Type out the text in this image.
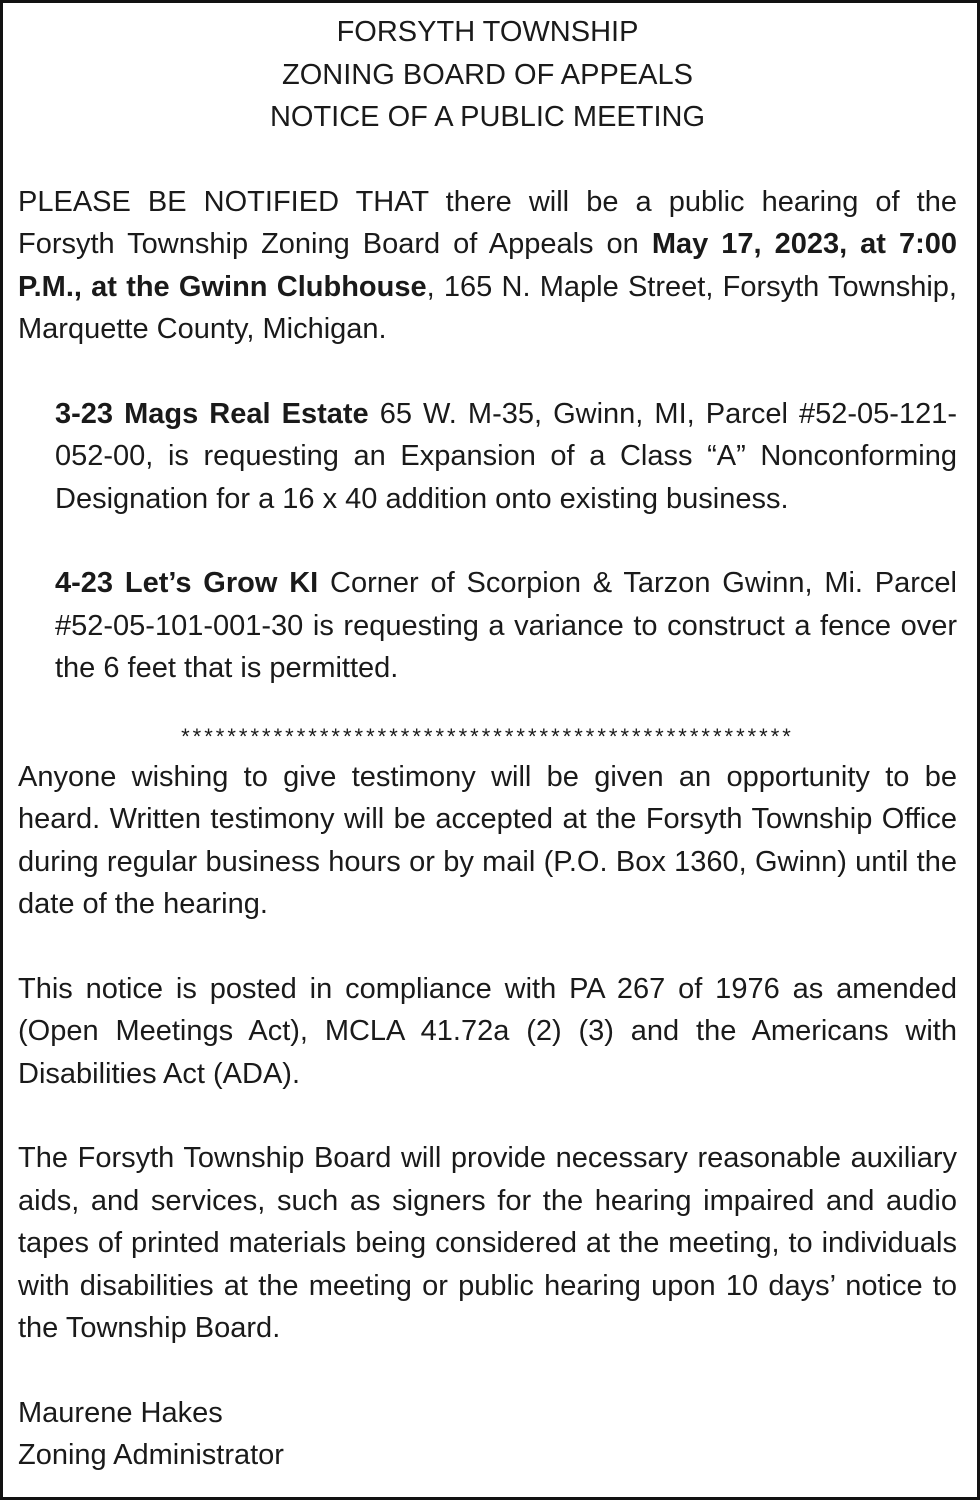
FORSYTH TOWNSHIP
ZONING BOARD OF APPEALS
NOTICE OF A PUBLIC MEETING

PLEASE BE NOTIFIED THAT there will be a public hearing of the Forsyth Township Zoning Board of Appeals on May 17, 2023, at 7:00 P.M., at the Gwinn Clubhouse, 165 N. Maple Street, Forsyth Township, Marquette County, Michigan.

3-23 Mags Real Estate 65 W. M-35, Gwinn, MI, Parcel #52-05-121-052-00, is requesting an Expansion of a Class “A” Nonconforming Designation for a 16 x 40 addition onto existing business.
4-23 Let’s Grow KI Corner of Scorpion & Tarzon Gwinn, Mi. Parcel #52-05-101-001-30 is requesting a variance to construct a fence over the 6 feet that is permitted.
*****************************************************

Anyone wishing to give testimony will be given an opportunity to be heard. Written testimony will be accepted at the Forsyth Township Office during regular business hours or by mail (P.O. Box 1360, Gwinn) until the date of the hearing.

This notice is posted in compliance with PA 267 of 1976 as amended (Open Meetings Act), MCLA 41.72a (2) (3) and the Americans with Disabilities Act (ADA).

The Forsyth Township Board will provide necessary reasonable auxiliary aids, and services, such as signers for the hearing impaired and audio tapes of printed materials being considered at the meeting, to individuals with disabilities at the meeting or public hearing upon 10 days’ notice to the Township Board.

Maurene Hakes
Zoning Administrator
